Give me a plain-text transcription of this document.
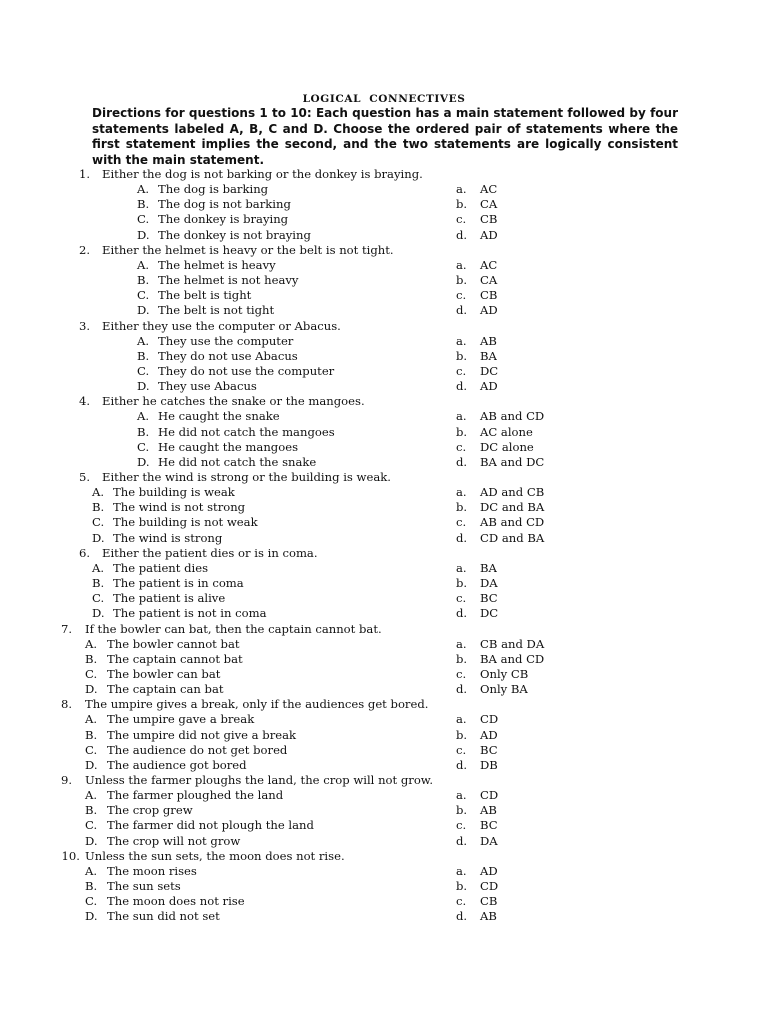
LOGICAL CONNECTIVES
Directions for questions 1 to 10: Each question has a main statement followed by four statements labeled A, B, C and D. Choose the ordered pair of statements where the first statement implies the second, and the two statements are logically consistent with the main statement.
1. Either the dog is not barking or the donkey is braying.
A. The dog is barking	a. AC
B. The dog is not barking	b. CA
C. The donkey is braying	c. CB
D. The donkey is not braying	d. AD
2. Either the helmet is heavy or the belt is not tight.
A. The helmet is heavy	a. AC
B. The helmet is not heavy	b. CA
C. The belt is tight	c. CB
D. The belt is not tight	d. AD
3. Either they use the computer or Abacus.
A. They use the computer	a. AB
B. They do not use Abacus	b. BA
C. They do not use the computer	c. DC
D. They use Abacus	d. AD
4. Either he catches the snake or the mangoes.
A. He caught the snake	a. AB and CD
B. He did not catch the mangoes	b. AC alone
C. He caught the mangoes	c. DC alone
D. He did not catch the snake	d. BA and DC
5. Either the wind is strong or the building is weak.
A. The building is weak	a. AD and CB
B. The wind is not strong	b. DC and BA
C. The building is not weak	c. AB and CD
D. The wind is strong	d. CD and BA
6. Either the patient dies or is in coma.
A. The patient dies	a. BA
B. The patient is in coma	b. DA
C. The patient is alive	c. BC
D. The patient is not in coma	d. DC
7. If the bowler can bat, then the captain cannot bat.
A. The bowler cannot bat	a. CB and DA
B. The captain cannot bat	b. BA and CD
C. The bowler can bat	c. Only CB
D. The captain can bat	d. Only BA
8. The umpire gives a break, only if the audiences get bored.
A. The umpire gave a break	a. CD
B. The umpire did not give a break	b. AD
C. The audience do not get bored	c. BC
D. The audience got bored	d. DB
9. Unless the farmer ploughs the land, the crop will not grow.
A. The farmer ploughed the land	a. CD
B. The crop grew	b. AB
C. The farmer did not plough the land	c. BC
D. The crop will not grow	d. DA
10. Unless the sun sets, the moon does not rise.
A. The moon rises	a. AD
B. The sun sets	b. CD
C. The moon does not rise	c. CB
D. The sun did not set	d. AB
